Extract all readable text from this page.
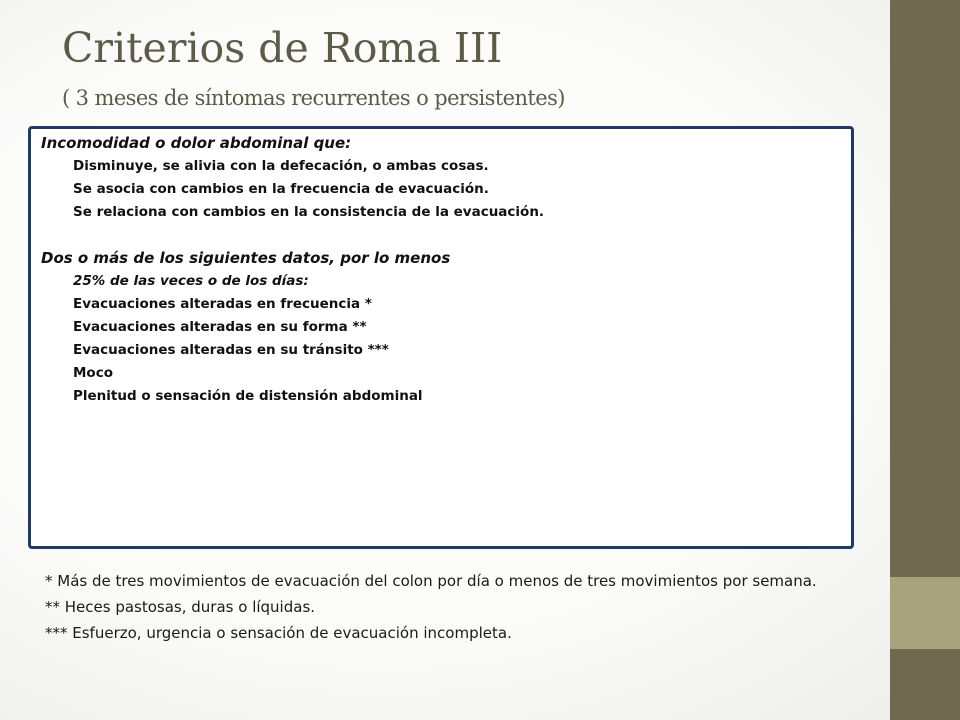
Criterios de Roma III
( 3 meses de síntomas recurrentes o persistentes)
Incomodidad o dolor abdominal que:
Disminuye, se alivia con la defecación, o ambas cosas.
Se asocia con cambios en la frecuencia de evacuación.
Se relaciona con cambios en la consistencia de la evacuación.
Dos o más de los siguientes datos, por lo menos
25% de las veces o de los días:
Evacuaciones alteradas en frecuencia *
Evacuaciones alteradas en su forma **
Evacuaciones alteradas en su tránsito ***
Moco
Plenitud o sensación de distensión abdominal

* Más de tres movimientos de evacuación del colon por día o menos de tres movimientos por semana.

** Heces pastosas, duras o líquidas.

*** Esfuerzo, urgencia o sensación de evacuación incompleta.
